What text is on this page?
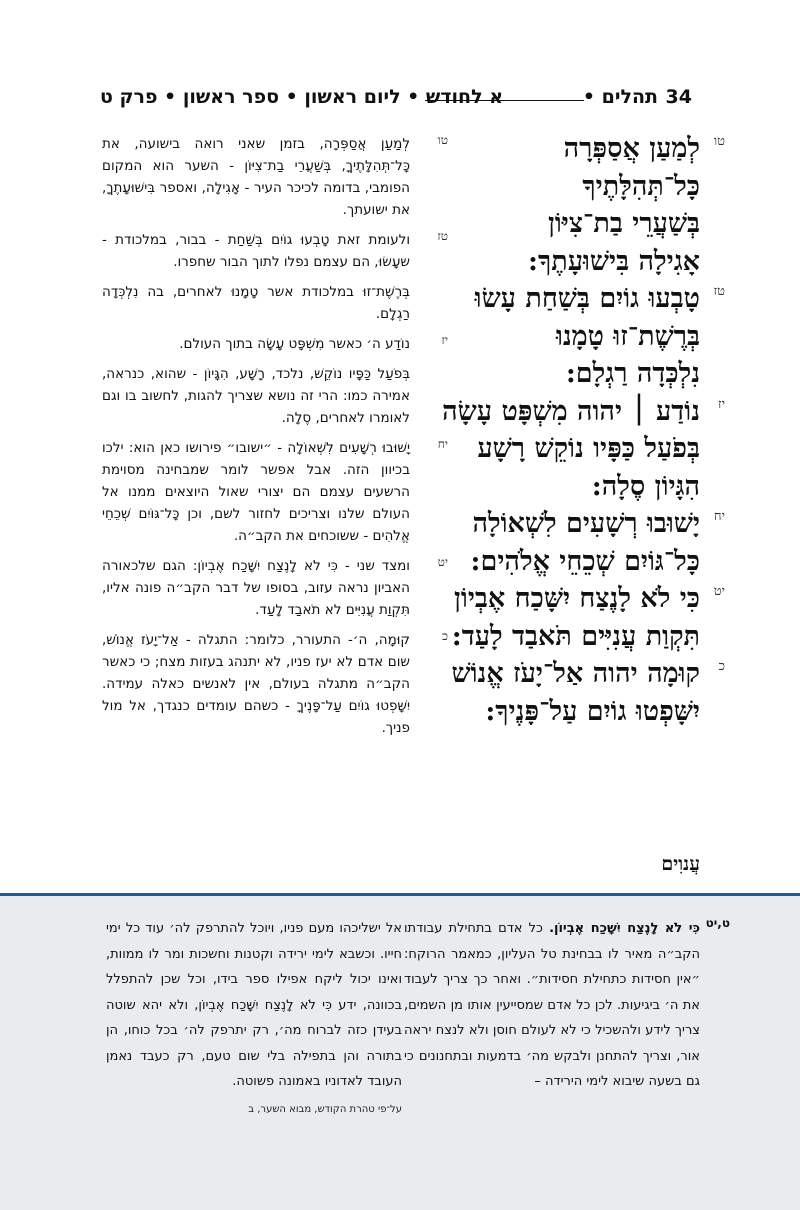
34
• תהלים
א לחודש • ליום ראשון • ספר ראשון • פרק ט
טו
לְמַעַן אֲסַפְּרָה
כָּל־תְּהִלָּתֶיךָ
בְּשַׁעֲרֵי בַת־צִיּוֹן
אָגִילָה בִּישׁוּעָתֶךָ:
טז
טָבְעוּ גוֹיִם בְּשַׁחַת עָשׂוּ
בְּרֶשֶׁת־זוּ טָמָנוּ
נִלְכְּדָה רַגְלָם:
יז
נוֹדַע ׀ יהוה מִשְׁפָּט עָשָׂה
בְּפֹעַל כַּפָּיו נוֹקֵשׁ רָשָׁע
הִגָּיוֹן סֶלָה:
יח
יָשׁוּבוּ רְשָׁעִים לִשְׁאוֹלָה
כָּל־גּוֹיִם שְׁכֵחֵי אֱלֹהִים:
יט
כִּי לֹא לָנֶצַח יִשָּׁכַח אֶבְיוֹן
תִּקְוַת עֲנִיִּים תֹּאבַד לָעַד:
כ
קוּמָה יהוה אַל־יָעֹז אֱנוֹשׁ
יִשָּׁפְטוּ גוֹיִם עַל־פָּנֶיךָ:
טו
לְמַעַן אֲסַפְּרָה, בזמן שאני רואה בישועה, את כָּל־תְּהִלָּתֶיךָ, בְּשַׁעֲרֵי בַת־צִיּוֹן - השער הוא המקום הפומבי, בדומה לכיכר העיר - אָגִילָה, ואספר בִּישׁוּעָתֶךָ, את ישועתך.
טז
ולעומת זאת טָבְעוּ גוֹיִם בְּשַׁחַת - בבור, במלכודת - שעָשׂוּ, הם עצמם נפלו לתוך הבור שחפרו.
בְּרֶשֶׁת־זוּ במלכודת אשר טָמָנוּ לאחרים, בה נִלְכְּדָה רַגְלָם.
יז
נוֹדַע ה׳ כאשר מִשְׁפָּט עָשָׂה בתוך העולם.
בְּפֹעַל כַּפָּיו נוֹקֵשׁ, נלכד, רָשָׁע, הִגָּיוֹן - שהוא, כנראה, אמירה כמו: הרי זה נושא שצריך להגות, לחשוב בו וגם לאומרו לאחרים, סֶלָה.
יח
יָשׁוּבוּ רְשָׁעִים לִשְׁאוֹלָה - ״ישובו״ פירושו כאן הוא: ילכו בכיוון הזה. אבל אפשר לומר שמבחינה מסוימת הרשעים עצמם הם יצורי שאול היוצאים ממנו אל העולם שלנו וצריכים לחזור לשם, וכן כָּל־גּוֹיִם שְׁכֵחֵי אֱלֹהִים - ששוכחים את הקב״ה.
יט
ומצד שני - כִּי לֹא לָנֶצַח יִשָּׁכַח אֶבְיוֹן: הגם שלכאורה האביון נראה עזוב, בסופו של דבר הקב״ה פונה אליו, תִּקְוַת עֲנִיִּים לא תֹאבַד לָעַד.
כ
קוּמָה, ה׳- התעורר, כלומר: התגלה - אַל־יָעֹז אֱנוֹשׁ, שום אדם לא יעז פניו, לא יתנהג בעזות מצח; כי כאשר הקב״ה מתגלה בעולם, אין לאנשים כאלה עמידה. יִשָּׁפְטוּ גוֹיִם עַל־פָּנֶיךָ - כשהם עומדים כנגדך, אל מול פניך.
עֲנוִים
ט,יט
כִּי לֹא לָנֶצַח יִשָּׁכַח אֶבְיוֹן. כל אדם בתחילת עבודתו הקב״ה מאיר לו בבחינת טל העליון, כמאמר הרוקח: ״אין חסידות כתחילת חסידות״. ואחר כך צריך לעבוד את ה׳ ביגיעות. לכן כל אדם שמסייעין אותו מן השמים, צריך לידע ולהשכיל כי לא לעולם חוסן ולא לנצח יראה אור, וצריך להתחנן ולבקש מה׳ בדמעות ובתחנונים כי גם בשעה שיבוא לימי הירידה –
אל ישליכהו מעם פניו, ויוכל להתרפק לה׳ עוד כל ימי חייו. וכשבא לימי ירידה וקטנות וחשכות ומר לו ממוות, ואינו יכול ליקח אפילו ספר בידו, וכל שכן להתפלל בכוונה, ידע כִּי לֹא לָנֶצַח יִשָּׁכַח אֶבְיוֹן, ולא יהא שוטה בעידן כזה לברוח מה׳, רק יתרפק לה׳ בכל כוחו, הן בתורה והן בתפילה בלי שום טעם, רק כעבד נאמן העובד לאדוניו באמונה פשוטה.
על־פי טהרת הקודש, מבוא השער, ב
